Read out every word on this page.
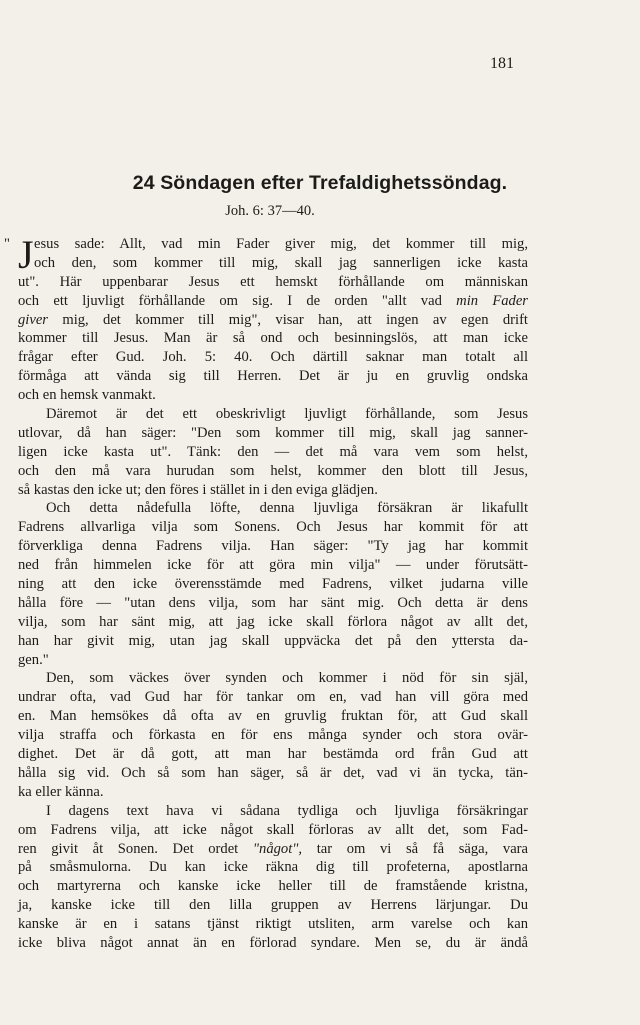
181
24 Söndagen efter Trefaldighetssöndag.
Joh. 6: 37—40.
" J esus sade: Allt, vad min Fader giver mig, det kommer till mig,
och den, som kommer till mig, skall jag sannerligen icke kasta
ut". Här uppenbarar Jesus ett hemskt förhållande om människan
och ett ljuvligt förhållande om sig. I de orden "allt vad min Fader
giver mig, det kommer till mig", visar han, att ingen av egen drift
kommer till Jesus. Man är så ond och besinningslös, att man icke
frågar efter Gud. Joh. 5: 40. Och därtill saknar man totalt all
förmåga att vända sig till Herren. Det är ju en gruvlig ondska
och en hemsk vanmakt.
Däremot är det ett obeskrivligt ljuvligt förhållande, som Jesus
utlovar, då han säger: "Den som kommer till mig, skall jag sanner-
ligen icke kasta ut". Tänk: den — det må vara vem som helst,
och den må vara hurudan som helst, kommer den blott till Jesus,
så kastas den icke ut; den föres i stället in i den eviga glädjen.
Och detta nådefulla löfte, denna ljuvliga försäkran är likafullt
Fadrens allvarliga vilja som Sonens. Och Jesus har kommit för att
förverkliga denna Fadrens vilja. Han säger: "Ty jag har kommit
ned från himmelen icke för att göra min vilja" — under förutsätt-
ning att den icke överensstämde med Fadrens, vilket judarna ville
hålla före — "utan dens vilja, som har sänt mig. Och detta är dens
vilja, som har sänt mig, att jag icke skall förlora något av allt det,
han har givit mig, utan jag skall uppväcka det på den yttersta da-
gen."
Den, som väckes över synden och kommer i nöd för sin själ,
undrar ofta, vad Gud har för tankar om en, vad han vill göra med
en. Man hemsökes då ofta av en gruvlig fruktan för, att Gud skall
vilja straffa och förkasta en för ens många synder och stora ovär-
dighet. Det är då gott, att man har bestämda ord från Gud att
hålla sig vid. Och så som han säger, så är det, vad vi än tycka, tän-
ka eller känna.
I dagens text hava vi sådana tydliga och ljuvliga försäkringar
om Fadrens vilja, att icke något skall förloras av allt det, som Fad-
ren givit åt Sonen. Det ordet "något", tar om vi så få säga, vara
på småsmulorna. Du kan icke räkna dig till profeterna, apostlarna
och martyrerna och kanske icke heller till de framstående kristna,
ja, kanske icke till den lilla gruppen av Herrens lärjungar. Du
kanske är en i satans tjänst riktigt utsliten, arm varelse och kan
icke bliva något annat än en förlorad syndare. Men se, du är ändå
